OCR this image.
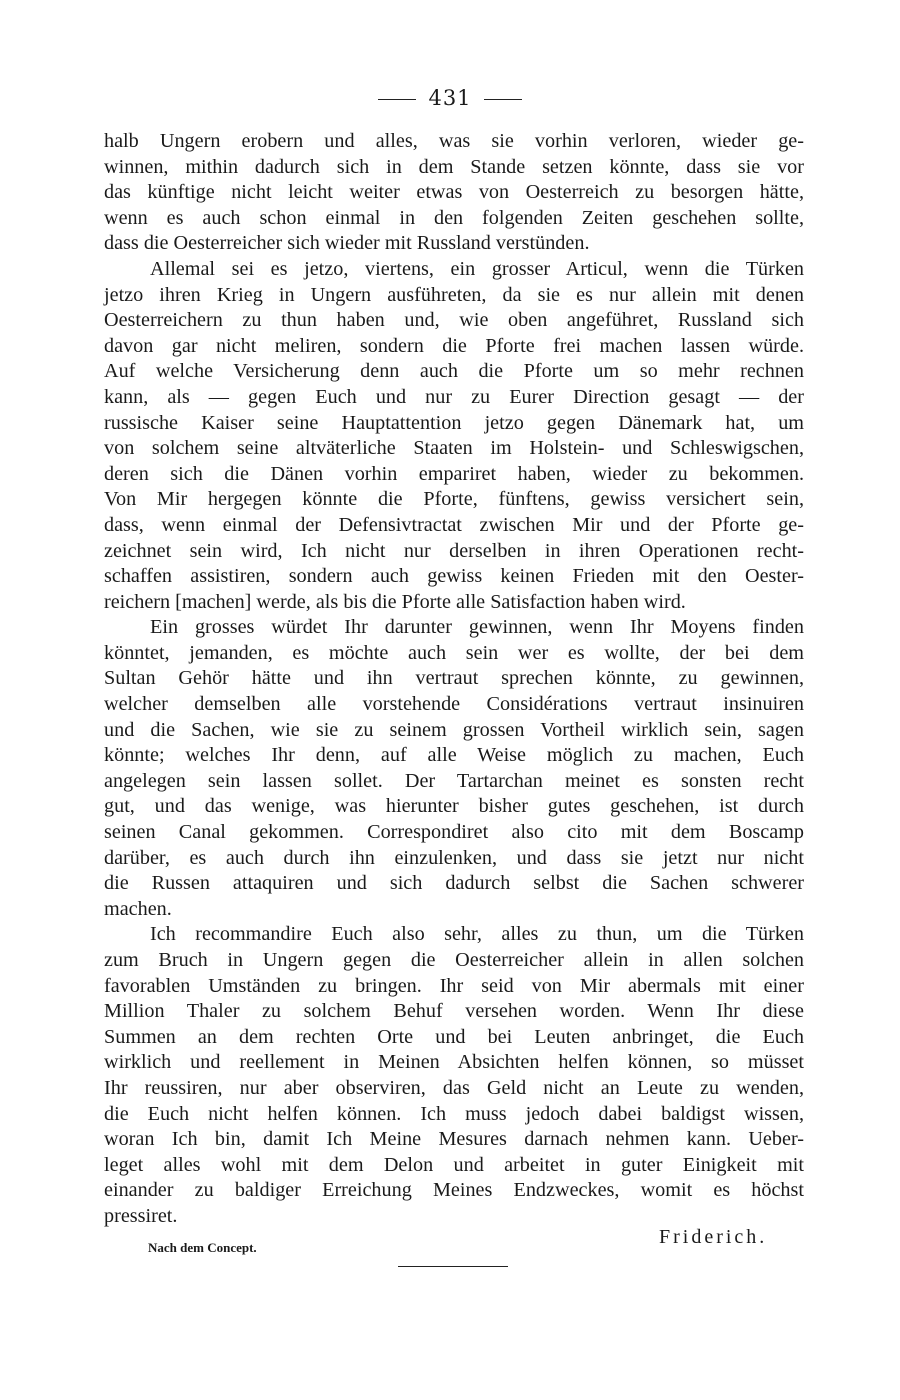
431

halb Ungern erobern und alles, was sie vorhin verloren, wieder ge-
winnen, mithin dadurch sich in dem Stande setzen könnte, dass sie vor
das künftige nicht leicht weiter etwas von Oesterreich zu besorgen hätte,
wenn es auch schon einmal in den folgenden Zeiten geschehen sollte,
dass die Oesterreicher sich wieder mit Russland verstünden.

Allemal sei es jetzo, viertens, ein grosser Articul, wenn die Türken
jetzo ihren Krieg in Ungern ausführeten, da sie es nur allein mit denen
Oesterreichern zu thun haben und, wie oben angeführet, Russland sich
davon gar nicht meliren, sondern die Pforte frei machen lassen würde.
Auf welche Versicherung denn auch die Pforte um so mehr rechnen
kann, als — gegen Euch und nur zu Eurer Direction gesagt — der
russische Kaiser seine Hauptattention jetzo gegen Dänemark hat, um
von solchem seine altväterliche Staaten im Holstein- und Schleswigschen,
deren sich die Dänen vorhin empariret haben, wieder zu bekommen.
Von Mir hergegen könnte die Pforte, fünftens, gewiss versichert sein,
dass, wenn einmal der Defensivtractat zwischen Mir und der Pforte ge-
zeichnet sein wird, Ich nicht nur derselben in ihren Operationen recht-
schaffen assistiren, sondern auch gewiss keinen Frieden mit den Oester-
reichern [machen] werde, als bis die Pforte alle Satisfaction haben wird.

Ein grosses würdet Ihr darunter gewinnen, wenn Ihr Moyens finden
könntet, jemanden, es möchte auch sein wer es wollte, der bei dem
Sultan Gehör hätte und ihn vertraut sprechen könnte, zu gewinnen,
welcher demselben alle vorstehende Considérations vertraut insinuiren
und die Sachen, wie sie zu seinem grossen Vortheil wirklich sein, sagen
könnte; welches Ihr denn, auf alle Weise möglich zu machen, Euch
angelegen sein lassen sollet. Der Tartarchan meinet es sonsten recht
gut, und das wenige, was hierunter bisher gutes geschehen, ist durch
seinen Canal gekommen. Correspondiret also cito mit dem Boscamp
darüber, es auch durch ihn einzulenken, und dass sie jetzt nur nicht
die Russen attaquiren und sich dadurch selbst die Sachen schwerer
machen.

Ich recommandire Euch also sehr, alles zu thun, um die Türken
zum Bruch in Ungern gegen die Oesterreicher allein in allen solchen
favorablen Umständen zu bringen. Ihr seid von Mir abermals mit einer
Million Thaler zu solchem Behuf versehen worden. Wenn Ihr diese
Summen an dem rechten Orte und bei Leuten anbringet, die Euch
wirklich und reellement in Meinen Absichten helfen können, so müsset
Ihr reussiren, nur aber observiren, das Geld nicht an Leute zu wenden,
die Euch nicht helfen können. Ich muss jedoch dabei baldigst wissen,
woran Ich bin, damit Ich Meine Mesures darnach nehmen kann. Ueber-
leget alles wohl mit dem Delon und arbeitet in guter Einigkeit mit
einander zu baldiger Erreichung Meines Endzweckes, womit es höchst
pressiret.

Nach dem Concept.	Friderich.
